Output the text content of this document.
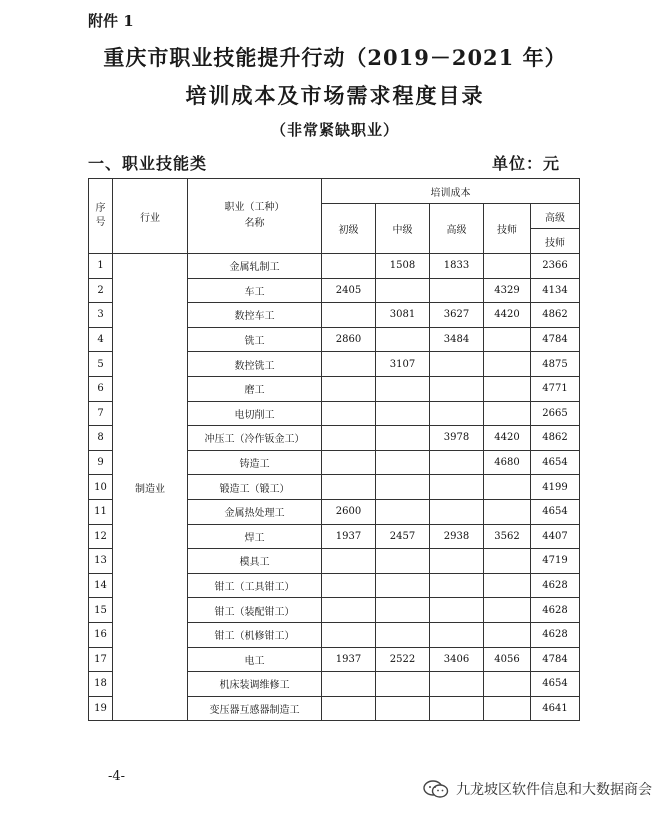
附件 1
重庆市职业技能提升行动（2019－2021 年）
培训成本及市场需求程度目录
（非常紧缺职业）
一、职业技能类	单位：元
序
号	行业	职业（工种）
名称	培训成本				
			初级	中级	高级	技师	高级
							技师
1	制造业	金属轧制工		1508	1833		2366
2		车工	2405			4329	4134
3		数控车工		3081	3627	4420	4862
4		铣工	2860		3484		4784
5		数控铣工		3107			4875
6		磨工					4771
7		电切削工					2665
8		冲压工（冷作钣金工）			3978	4420	4862
9		铸造工				4680	4654
10		锻造工（锻工）					4199
11		金属热处理工	2600				4654
12		焊工	1937	2457	2938	3562	4407
13		模具工					4719
14		钳工（工具钳工）					4628
15		钳工（装配钳工）					4628
16		钳工（机修钳工）					4628
17		电工	1937	2522	3406	4056	4784
18		机床装调维修工					4654
19		变压器互感器制造工					4641
-4-
九龙坡区软件信息和大数据商会
